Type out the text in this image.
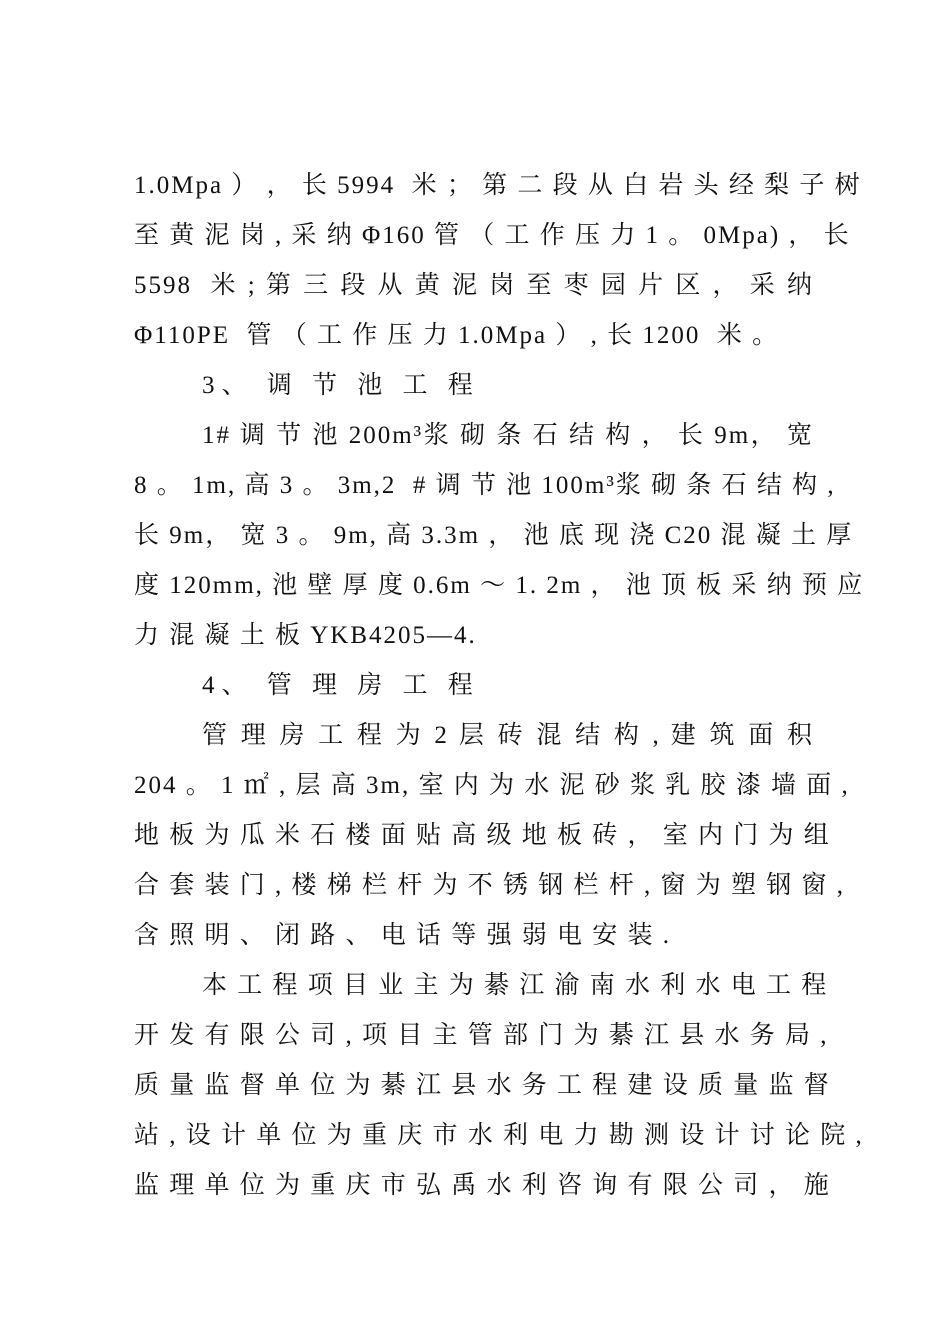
1.0Mpa ） ， 长 5994  米 ； 第 二 段 从 白 岩 头 经 梨 子 树
至 黄 泥 岗 , 采 纳 Φ160 管 （ 工 作 压 力 1 。 0Mpa) ， 长
5598  米 ; 第 三 段 从 黄 泥 岗 至 枣 园 片 区 ， 采 纳
Φ110PE  管 （ 工 作 压 力 1.0Mpa ） , 长 1200  米 。
3、 调 节 池 工 程
1# 调 节 池 200m³浆 砌 条 石 结 构 ， 长 9m， 宽
8 。 1m, 高 3 。 3m,2  # 调 节 池 100m³浆 砌 条 石 结 构 ,
长 9m， 宽 3 。 9m, 高 3.3m ， 池 底 现 浇 C20 混 凝 土 厚
度 120mm, 池 壁 厚 度 0.6m ～ 1. 2m ， 池 顶 板 采 纳 预 应
力 混 凝 土 板 YKB4205—4.
4、 管 理 房 工 程
管 理 房 工 程 为 2 层 砖 混 结 构 , 建 筑 面 积
204 。 1 ㎡ , 层 高 3m, 室 内 为 水 泥 砂 浆 乳 胶 漆 墙 面 ,
地 板 为 瓜 米 石 楼 面 贴 高 级 地 板 砖 ， 室 内 门 为 组
合 套 装 门 , 楼 梯 栏 杆 为 不 锈 钢 栏 杆 , 窗 为 塑 钢 窗 ,
含 照 明 、 闭 路 、 电 话 等 强 弱 电 安 装 .
本 工 程 项 目 业 主 为 綦 江 渝 南 水 利 水 电 工 程
开 发 有 限 公 司 , 项 目 主 管 部 门 为 綦 江 县 水 务 局 ,
质 量 监 督 单 位 为 綦 江 县 水 务 工 程 建 设 质 量 监 督
站 , 设 计 单 位 为 重 庆 市 水 利 电 力 勘 测 设 计 讨 论 院 ,
监 理 单 位 为 重 庆 市 弘 禹 水 利 咨 询 有 限 公 司 ， 施
